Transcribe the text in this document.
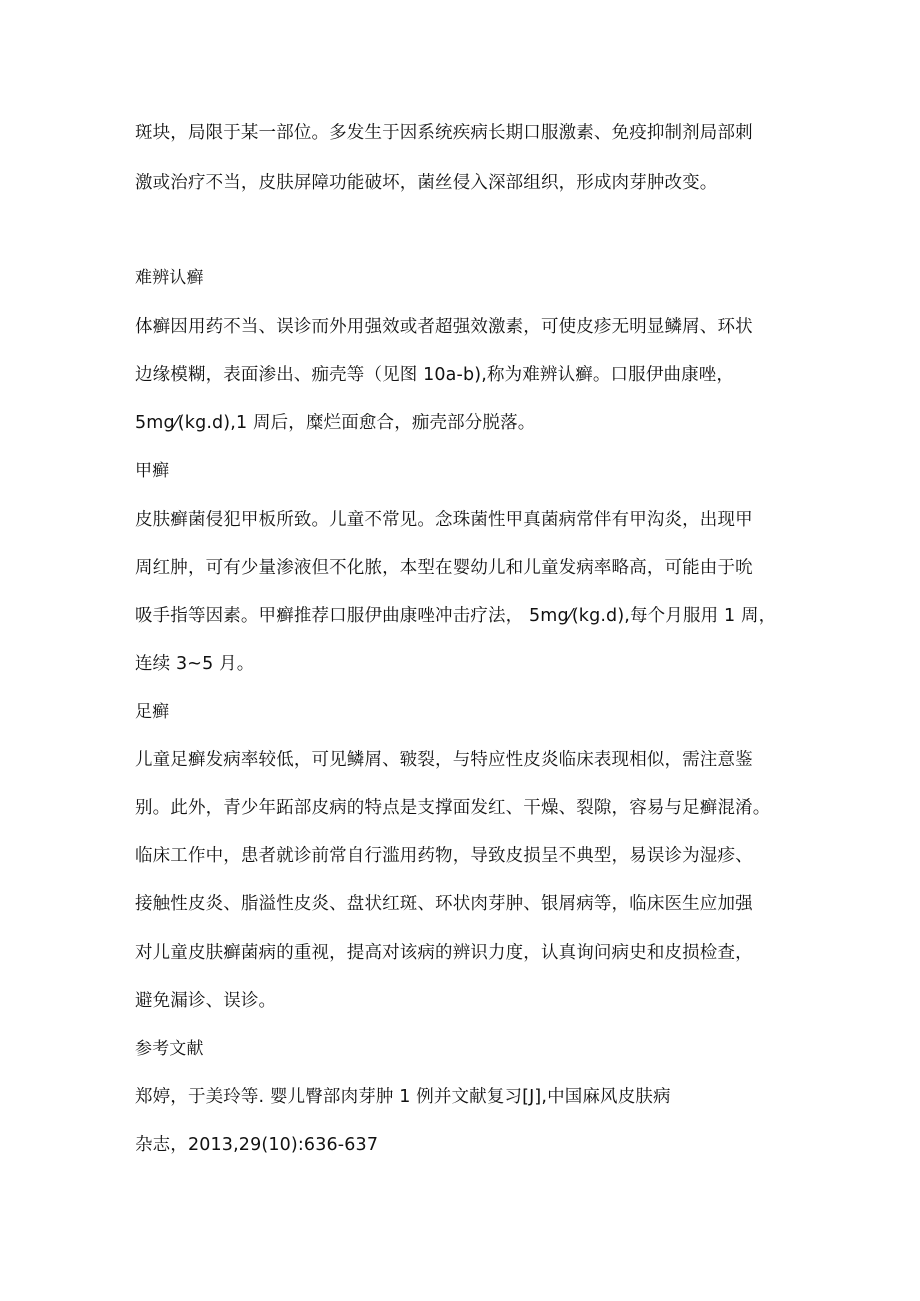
斑块，局限于某一部位。多发生于因系统疾病长期口服激素、免疫抑制剂局部刺

激或治疗不当，皮肤屏障功能破坏，菌丝侵入深部组织，形成肉芽肿改变。

难辨认癣

体癣因用药不当、误诊而外用强效或者超强效激素，可使皮疹无明显鳞屑、环状

边缘模糊，表面渗出、痂壳等（见图 10a-b),称为难辨认癣。口服伊曲康唑，

5mg⁄(kg.d),1 周后，糜烂面愈合，痂壳部分脱落。

甲癣

皮肤癣菌侵犯甲板所致。儿童不常见。念珠菌性甲真菌病常伴有甲沟炎，出现甲

周红肿，可有少量渗液但不化脓，本型在婴幼儿和儿童发病率略高，可能由于吮

吸手指等因素。甲癣推荐口服伊曲康唑冲击疗法， 5mg⁄(kg.d),每个月服用 1 周，

连续 3~5 月。

足癣

儿童足癣发病率较低，可见鳞屑、皲裂，与特应性皮炎临床表现相似，需注意鉴

别。此外，青少年跖部皮病的特点是支撑面发红、干燥、裂隙，容易与足癣混淆。

临床工作中，患者就诊前常自行滥用药物，导致皮损呈不典型，易误诊为湿疹、

接触性皮炎、脂溢性皮炎、盘状红斑、环状肉芽肿、银屑病等，临床医生应加强

对儿童皮肤癣菌病的重视，提高对该病的辨识力度，认真询问病史和皮损检查，

避免漏诊、误诊。

参考文献

郑婷，于美玲等. 婴儿臀部肉芽肿 1 例并文献复习[J],中国麻风皮肤病

杂志，2013,29(10):636-637
